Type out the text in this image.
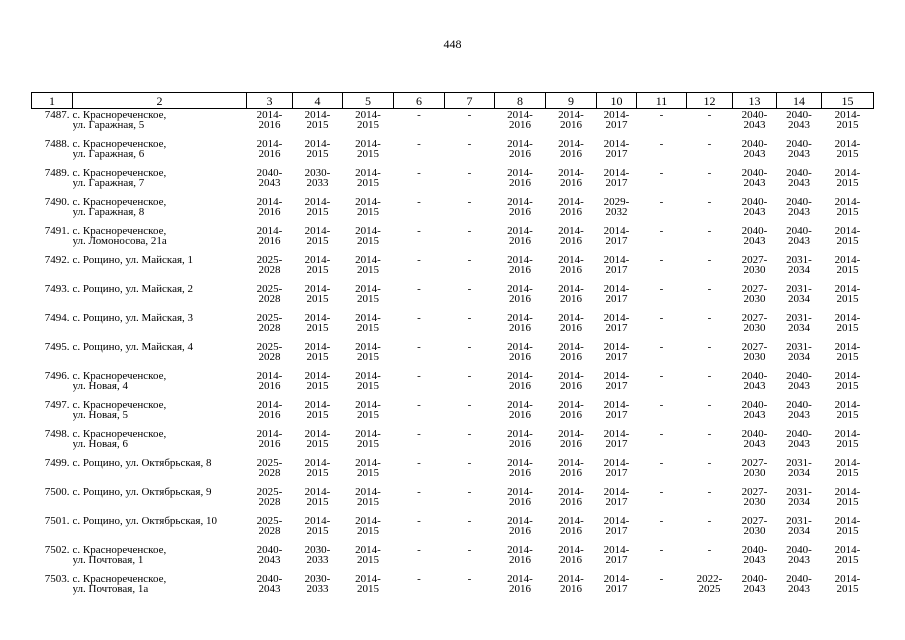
448
1	2	3	4	5	6	7	8	9	10	11	12	13	14	15
7487.	с. Краснореченское,
ул. Гаражная, 5	2014-
2016	2014-
2015	2014-
2015	-	-	2014-
2016	2014-
2016	2014-
2017	-	-	2040-
2043	2040-
2043	2014-
2015

7488.	с. Краснореченское,
ул. Гаражная, 6	2014-
2016	2014-
2015	2014-
2015	-	-	2014-
2016	2014-
2016	2014-
2017	-	-	2040-
2043	2040-
2043	2014-
2015

7489.	с. Краснореченское,
ул. Гаражная, 7	2040-
2043	2030-
2033	2014-
2015	-	-	2014-
2016	2014-
2016	2014-
2017	-	-	2040-
2043	2040-
2043	2014-
2015

7490.	с. Краснореченское,
ул. Гаражная, 8	2014-
2016	2014-
2015	2014-
2015	-	-	2014-
2016	2014-
2016	2029-
2032	-	-	2040-
2043	2040-
2043	2014-
2015

7491.	с. Краснореченское,
ул. Ломоносова, 21а	2014-
2016	2014-
2015	2014-
2015	-	-	2014-
2016	2014-
2016	2014-
2017	-	-	2040-
2043	2040-
2043	2014-
2015

7492.	с. Рощино, ул. Майская, 1	2025-
2028	2014-
2015	2014-
2015	-	-	2014-
2016	2014-
2016	2014-
2017	-	-	2027-
2030	2031-
2034	2014-
2015

7493.	с. Рощино, ул. Майская, 2	2025-
2028	2014-
2015	2014-
2015	-	-	2014-
2016	2014-
2016	2014-
2017	-	-	2027-
2030	2031-
2034	2014-
2015

7494.	с. Рощино, ул. Майская, 3	2025-
2028	2014-
2015	2014-
2015	-	-	2014-
2016	2014-
2016	2014-
2017	-	-	2027-
2030	2031-
2034	2014-
2015

7495.	с. Рощино, ул. Майская, 4	2025-
2028	2014-
2015	2014-
2015	-	-	2014-
2016	2014-
2016	2014-
2017	-	-	2027-
2030	2031-
2034	2014-
2015

7496.	с. Краснореченское,
ул. Новая, 4	2014-
2016	2014-
2015	2014-
2015	-	-	2014-
2016	2014-
2016	2014-
2017	-	-	2040-
2043	2040-
2043	2014-
2015

7497.	с. Краснореченское,
ул. Новая, 5	2014-
2016	2014-
2015	2014-
2015	-	-	2014-
2016	2014-
2016	2014-
2017	-	-	2040-
2043	2040-
2043	2014-
2015

7498.	с. Краснореченское,
ул. Новая, 6	2014-
2016	2014-
2015	2014-
2015	-	-	2014-
2016	2014-
2016	2014-
2017	-	-	2040-
2043	2040-
2043	2014-
2015

7499.	с. Рощино, ул. Октябрьская, 8	2025-
2028	2014-
2015	2014-
2015	-	-	2014-
2016	2014-
2016	2014-
2017	-	-	2027-
2030	2031-
2034	2014-
2015

7500.	с. Рощино, ул. Октябрьская, 9	2025-
2028	2014-
2015	2014-
2015	-	-	2014-
2016	2014-
2016	2014-
2017	-	-	2027-
2030	2031-
2034	2014-
2015

7501.	с. Рощино, ул. Октябрьская, 10	2025-
2028	2014-
2015	2014-
2015	-	-	2014-
2016	2014-
2016	2014-
2017	-	-	2027-
2030	2031-
2034	2014-
2015

7502.	с. Краснореченское,
ул. Почтовая, 1	2040-
2043	2030-
2033	2014-
2015	-	-	2014-
2016	2014-
2016	2014-
2017	-	-	2040-
2043	2040-
2043	2014-
2015

7503.	с. Краснореченское,
ул. Почтовая, 1а	2040-
2043	2030-
2033	2014-
2015	-	-	2014-
2016	2014-
2016	2014-
2017	-	2022-
2025	2040-
2043	2040-
2043	2014-
2015
